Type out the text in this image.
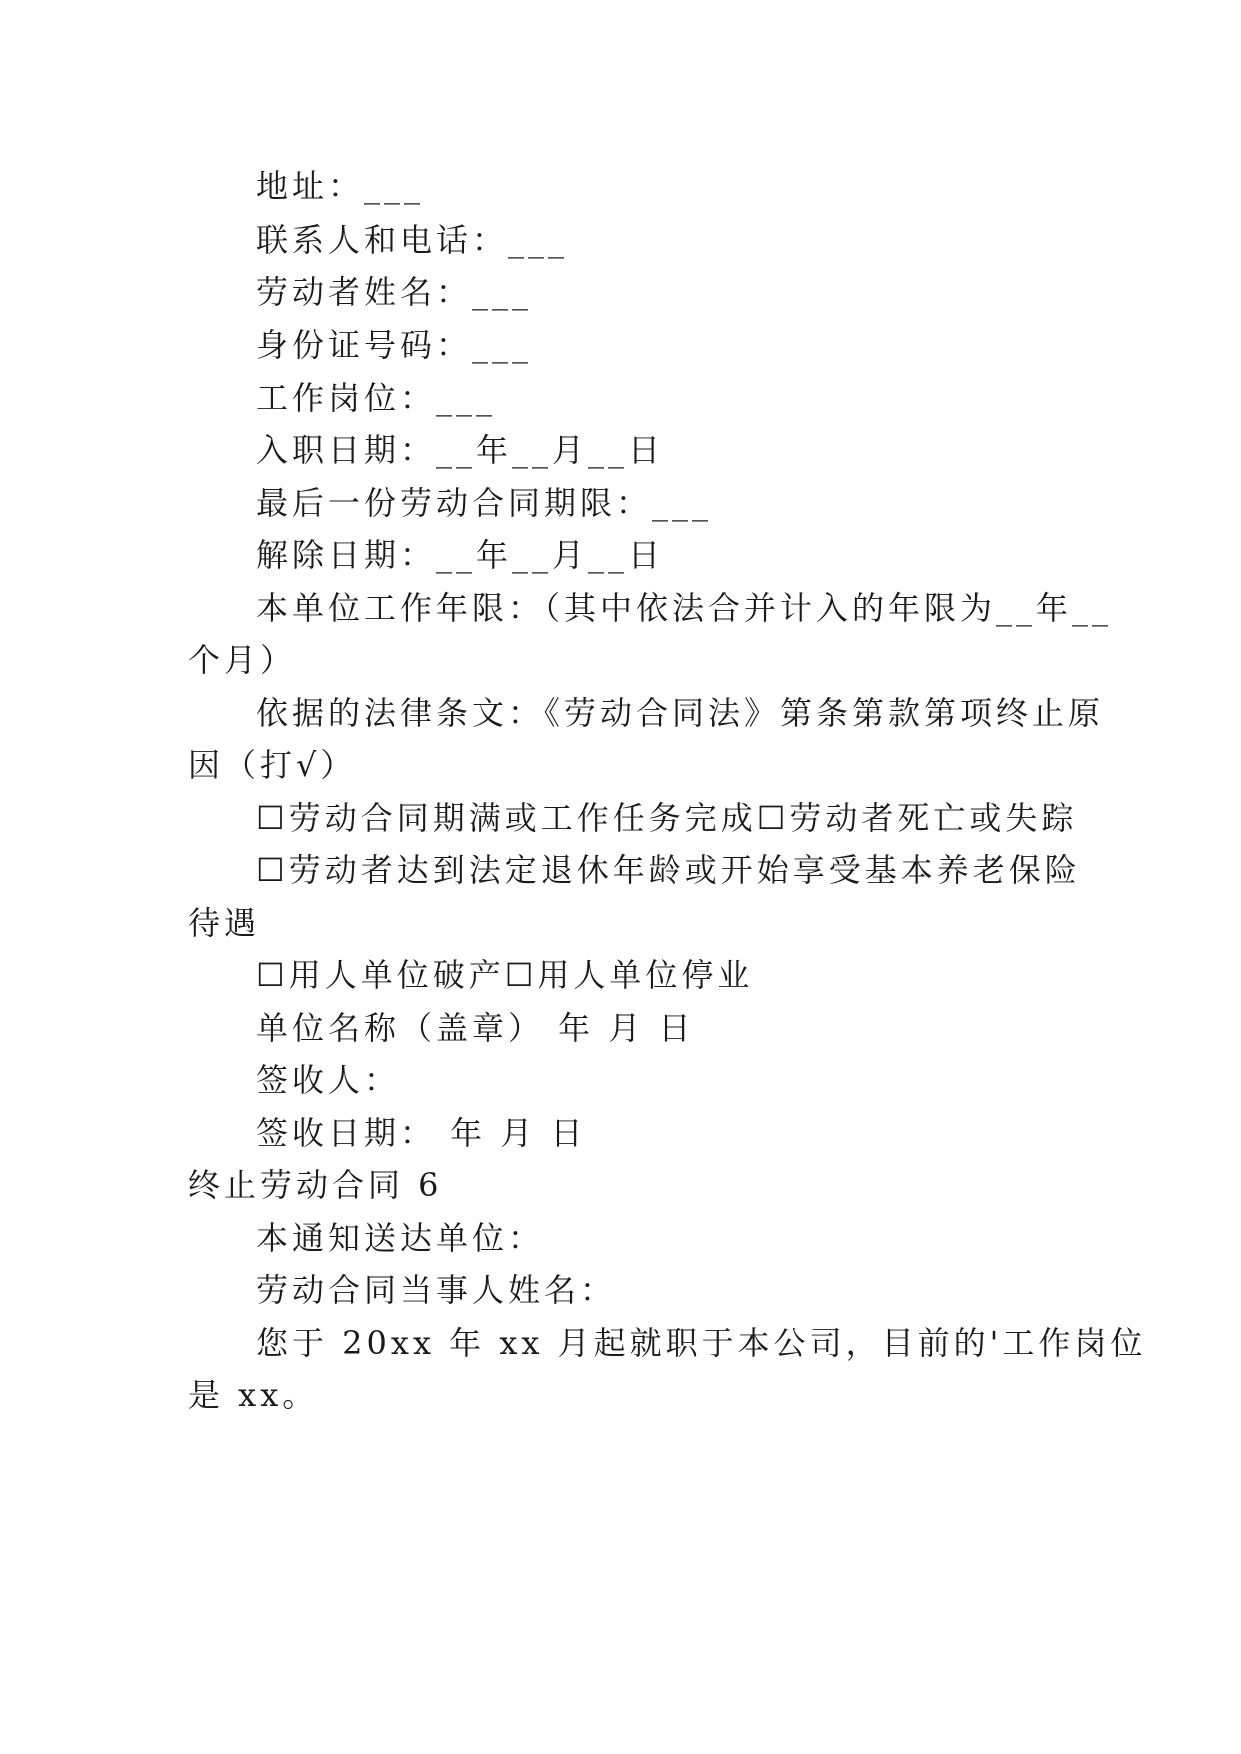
地址：___
联系人和电话：___
劳动者姓名：___
身份证号码：___
工作岗位：___
入职日期：__年__月__日
最后一份劳动合同期限：___
解除日期：__年__月__日
本单位工作年限：（其中依法合并计入的年限为__年__
个月）
依据的法律条文：《劳动合同法》第条第款第项终止原
因（打√）
☐劳动合同期满或工作任务完成☐劳动者死亡或失踪
☐劳动者达到法定退休年龄或开始享受基本养老保险
待遇
☐用人单位破产☐用人单位停业
单位名称（盖章） 年 月 日
签收人：
签收日期： 年 月 日
终止劳动合同 6
本通知送达单位：
劳动合同当事人姓名：
您于 20xx 年 xx 月起就职于本公司，目前的'工作岗位
是 xx。
